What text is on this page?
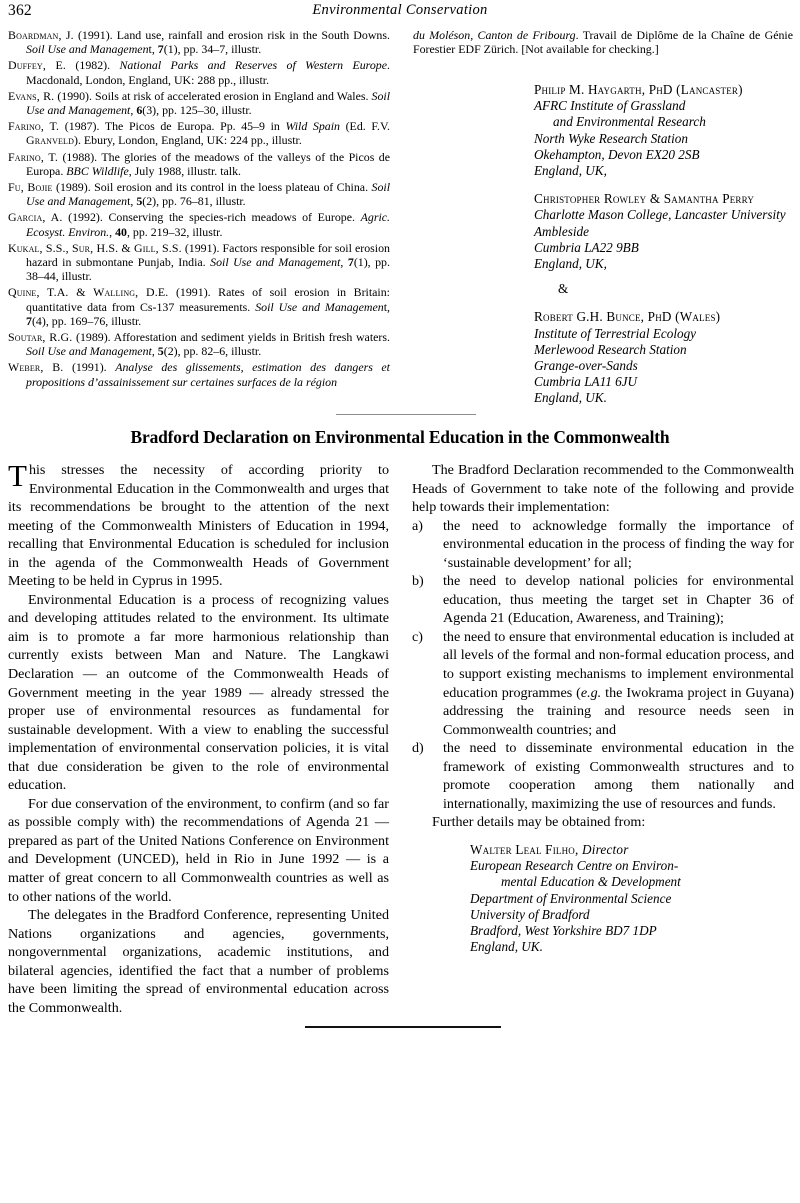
362	Environmental Conservation

Boardman, J. (1991). Land use, rainfall and erosion risk in the South Downs. Soil Use and Management, 7(1), pp. 34–7, illustr.

Duffey, E. (1982). National Parks and Reserves of Western Europe. Macdonald, London, England, UK: 288 pp., illustr.

Evans, R. (1990). Soils at risk of accelerated erosion in England and Wales. Soil Use and Management, 6(3), pp. 125–30, illustr.

Farino, T. (1987). The Picos de Europa. Pp. 45–9 in Wild Spain (Ed. F.V. Granveld). Ebury, London, England, UK: 224 pp., illustr.

Farino, T. (1988). The glories of the meadows of the valleys of the Picos de Europa. BBC Wildlife, July 1988, illustr. talk.

Fu, Bojie (1989). Soil erosion and its control in the loess plateau of China. Soil Use and Management, 5(2), pp. 76–81, illustr.

Garcia, A. (1992). Conserving the species-rich meadows of Europe. Agric. Ecosyst. Environ., 40, pp. 219–32, illustr.

Kukal, S.S., Sur, H.S. & Gill, S.S. (1991). Factors responsible for soil erosion hazard in submontane Punjab, India. Soil Use and Management, 7(1), pp. 38–44, illustr.

Quine, T.A. & Walling, D.E. (1991). Rates of soil erosion in Britain: quantitative data from Cs-137 measurements. Soil Use and Management, 7(4), pp. 169–76, illustr.

Soutar, R.G. (1989). Afforestation and sediment yields in British fresh waters. Soil Use and Management, 5(2), pp. 82–6, illustr.

Weber, B. (1991). Analyse des glissements, estimation des dangers et propositions d’assainissement sur certaines surfaces de la région

du Moléson, Canton de Fribourg. Travail de Diplôme de la Chaîne de Génie Forestier EDF Zürich. [Not available for checking.]

Philip M. Haygarth, PhD (Lancaster)

AFRC Institute of Grassland
and Environmental Research
North Wyke Research Station
Okehampton, Devon EX20 2SB
England, UK,
Christopher Rowley & Samantha Perry

Charlotte Mason College, Lancaster University
Ambleside
Cumbria LA22 9BB
England, UK,
&
Robert G.H. Bunce, PhD (Wales)

Institute of Terrestrial Ecology
Merlewood Research Station
Grange-over-Sands
Cumbria LA11 6JU
England, UK.
Bradford Declaration on Environmental Education in the Commonwealth

This stresses the necessity of according priority to Environmental Education in the Commonwealth and urges that its recommendations be brought to the attention of the next meeting of the Commonwealth Ministers of Education in 1994, recalling that Environmental Education is scheduled for inclusion in the agenda of the Commonwealth Heads of Government Meeting to be held in Cyprus in 1995.

Environmental Education is a process of recognizing values and developing attitudes related to the environment. Its ultimate aim is to promote a far more harmonious relationship than currently exists between Man and Nature. The Langkawi Declaration — an outcome of the Commonwealth Heads of Government meeting in the year 1989 — already stressed the proper use of environmental resources as fundamental for sustainable development. With a view to enabling the successful implementation of environmental conservation policies, it is vital that due consideration be given to the role of environmental education.

For due conservation of the environment, to confirm (and so far as possible comply with) the recommendations of Agenda 21 — prepared as part of the United Nations Conference on Environment and Development (UNCED), held in Rio in June 1992 — is a matter of great concern to all Commonwealth countries as well as to other nations of the world.

The delegates in the Bradford Conference, representing United Nations organizations and agencies, governments, nongovernmental organizations, academic institutions, and bilateral agencies, identified the fact that a number of problems have been limiting the spread of environmental education across the Commonwealth.

The Bradford Declaration recommended to the Commonwealth Heads of Government to take note of the following and provide help towards their implementation:

a)	the need to acknowledge formally the importance of environmental education in the process of finding the way for ‘sustainable development’ for all;
b)	the need to develop national policies for environmental education, thus meeting the target set in Chapter 36 of Agenda 21 (Education, Awareness, and Training);
c)	the need to ensure that environmental education is included at all levels of the formal and non-formal education process, and to support existing mechanisms to implement environmental education programmes (e.g. the Iwokrama project in Guyana) addressing the training and resource needs seen in Commonwealth countries; and
d)	the need to disseminate environmental education in the framework of existing Commonwealth structures and to promote cooperation among them nationally and internationally, maximizing the use of resources and funds.

Further details may be obtained from:

Walter Leal Filho, Director
European Research Centre on Environ-
mental Education & Development
Department of Environmental Science
University of Bradford
Bradford, West Yorkshire BD7 1DP
England, UK.
